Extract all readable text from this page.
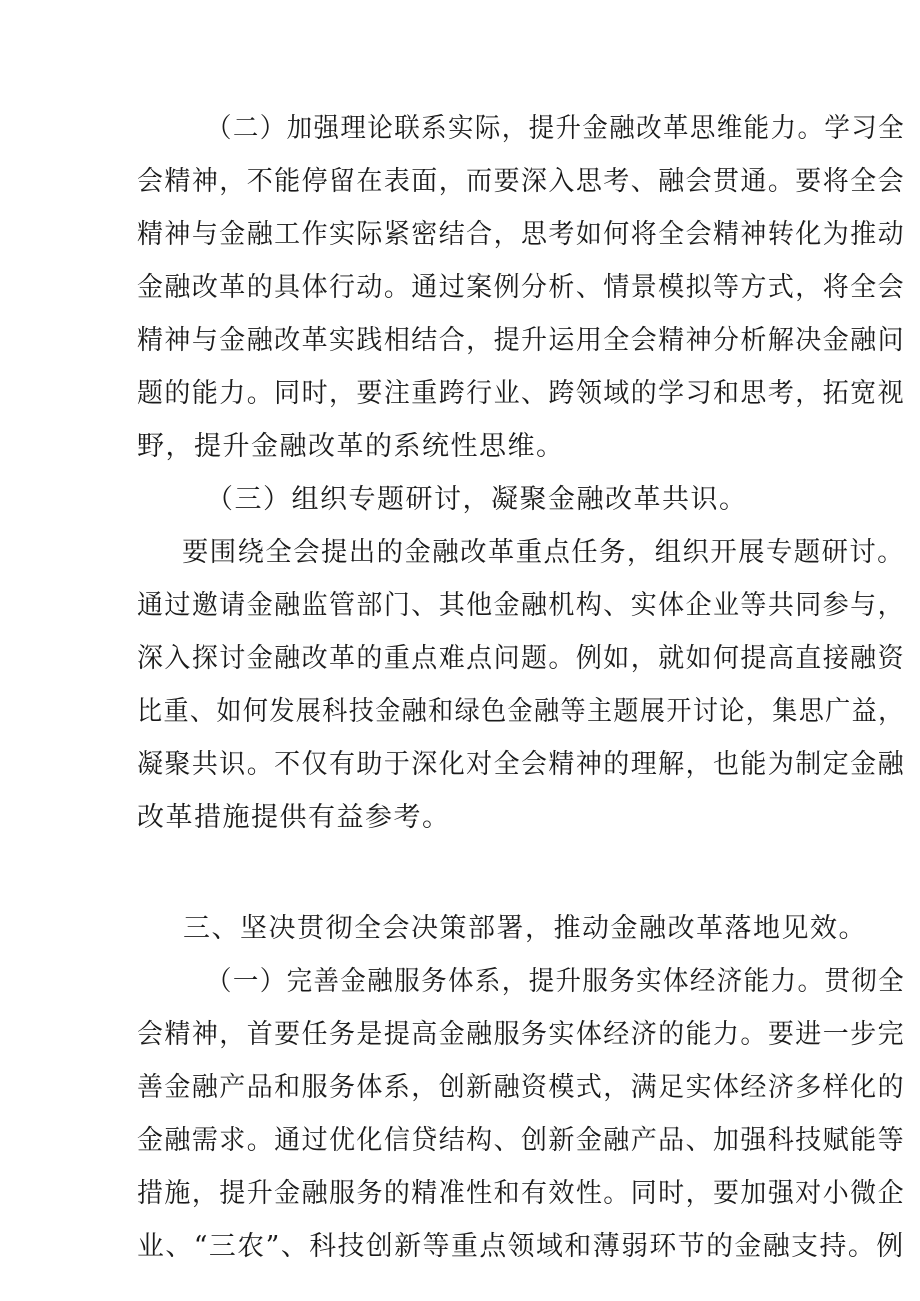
（二）加强理论联系实际，提升金融改革思维能力。学习全
会精神，不能停留在表面，而要深入思考、融会贯通。要将全会
精神与金融工作实际紧密结合，思考如何将全会精神转化为推动
金融改革的具体行动。通过案例分析、情景模拟等方式，将全会
精神与金融改革实践相结合，提升运用全会精神分析解决金融问
题的能力。同时，要注重跨行业、跨领域的学习和思考，拓宽视
野，提升金融改革的系统性思维。
（三）组织专题研讨，凝聚金融改革共识。
要围绕全会提出的金融改革重点任务，组织开展专题研讨。
通过邀请金融监管部门、其他金融机构、实体企业等共同参与，
深入探讨金融改革的重点难点问题。例如，就如何提高直接融资
比重、如何发展科技金融和绿色金融等主题展开讨论，集思广益，
凝聚共识。不仅有助于深化对全会精神的理解，也能为制定金融
改革措施提供有益参考。
三、坚决贯彻全会决策部署，推动金融改革落地见效。
（一）完善金融服务体系，提升服务实体经济能力。贯彻全
会精神，首要任务是提高金融服务实体经济的能力。要进一步完
善金融产品和服务体系，创新融资模式，满足实体经济多样化的
金融需求。通过优化信贷结构、创新金融产品、加强科技赋能等
措施，提升金融服务的精准性和有效性。同时，要加强对小微企
业、“三农”、科技创新等重点领域和薄弱环节的金融支持。例
